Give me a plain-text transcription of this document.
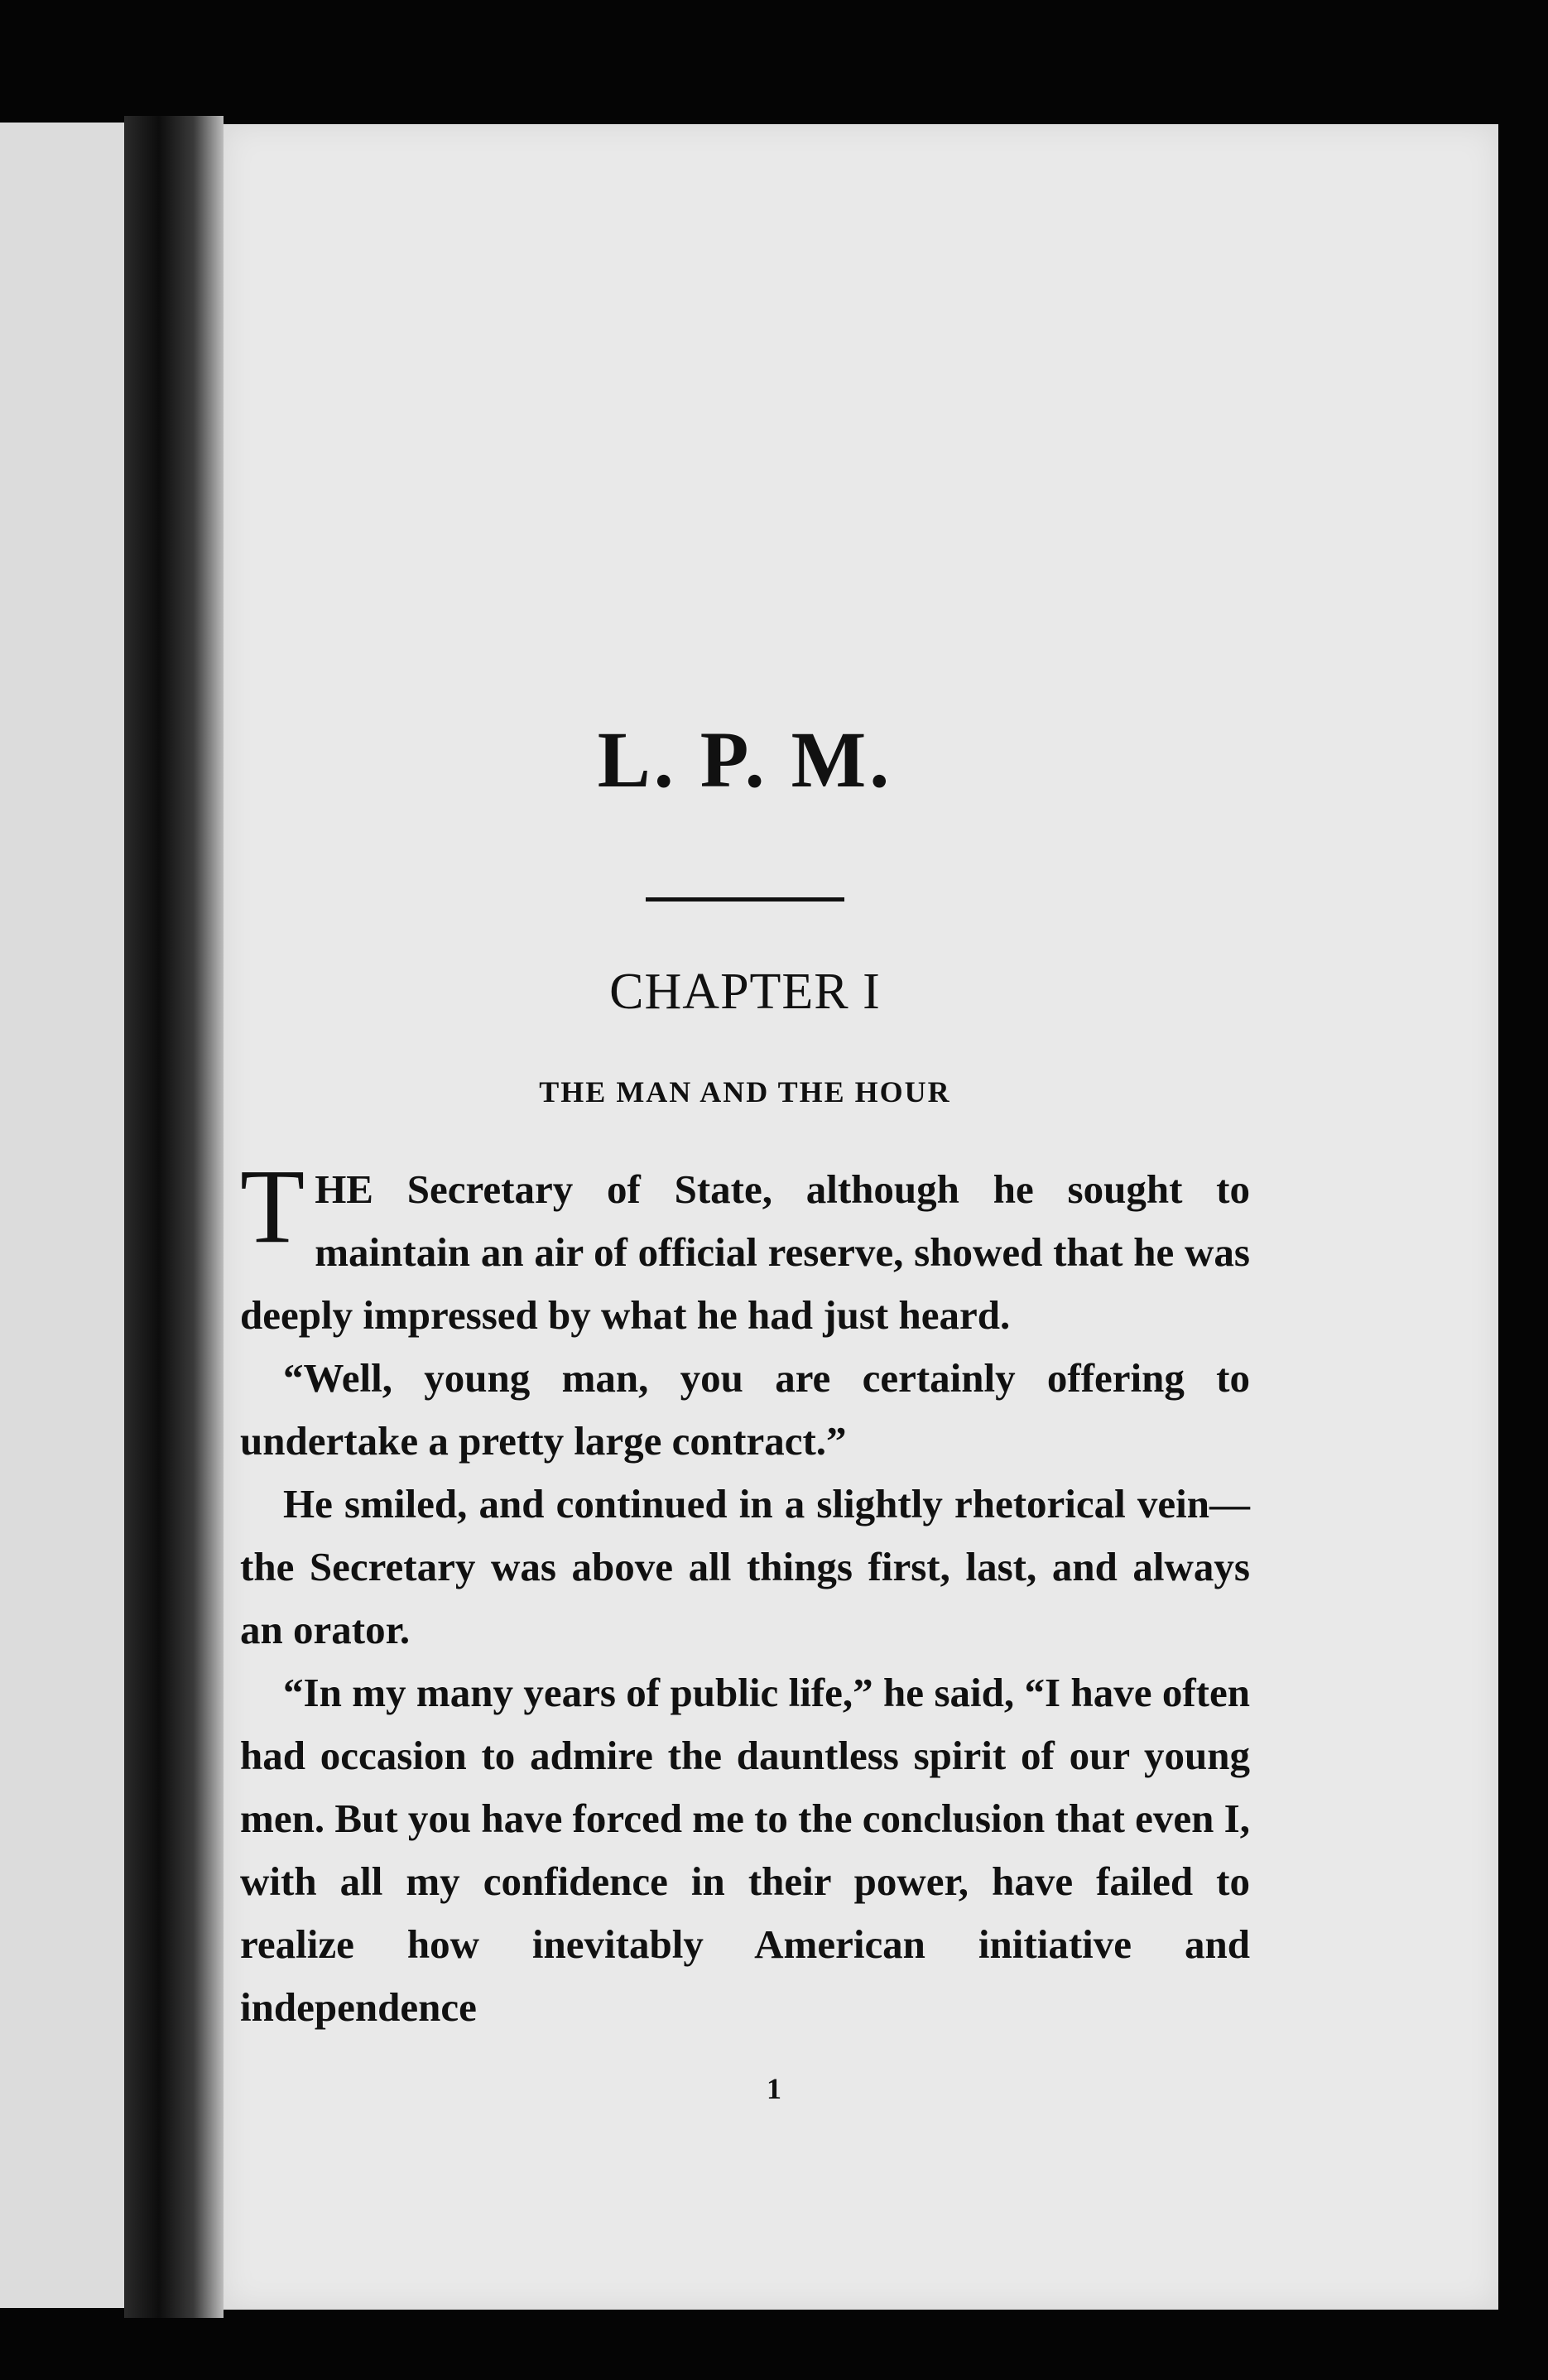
L. P. M.
CHAPTER I
THE MAN AND THE HOUR

THE Secretary of State, although he sought to maintain an air of official reserve, showed that he was deeply impressed by what he had just heard.

“Well, young man, you are certainly offering to undertake a pretty large contract.”

He smiled, and continued in a slightly rhetorical vein—the Secretary was above all things first, last, and always an orator.

“In my many years of public life,” he said, “I have often had occasion to admire the dauntless spirit of our young men. But you have forced me to the conclusion that even I, with all my confidence in their power, have failed to realize how inevitably American initiative and independence

1
